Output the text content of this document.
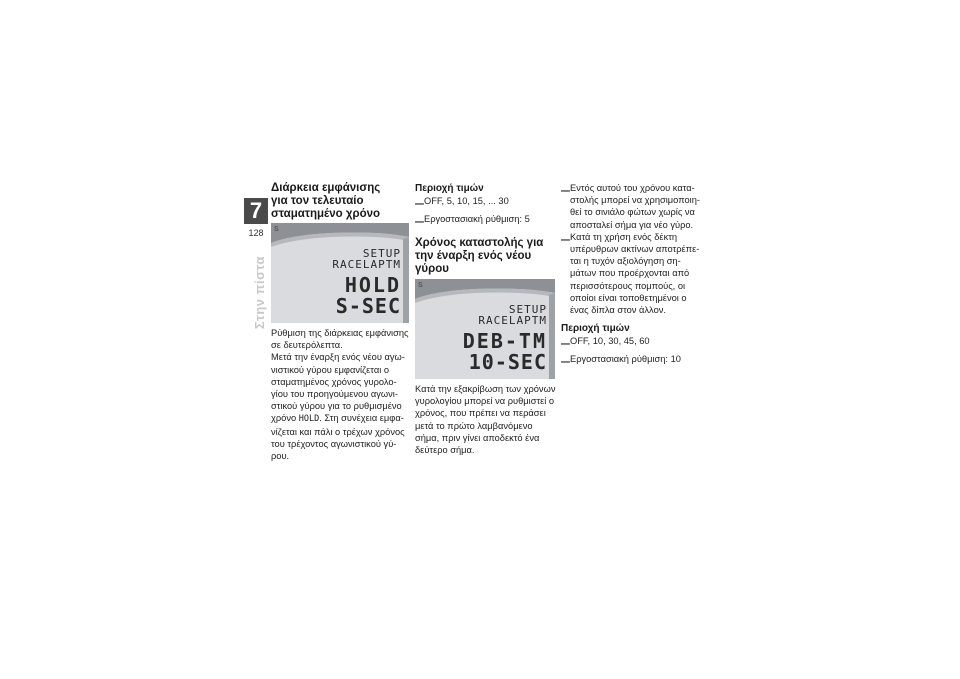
7
128
Στην πίστα
Διάρκεια εμφάνισης
για τον τελευταίο
σταματημένο χρόνο
S
SETUP
RACELAPTM
HOLD
S-SEC

Ρύθμιση της διάρκειας εμφάνισης σε δευτερόλεπτα.

Μετά την έναρξη ενός νέου αγω-νιστικού γύρου εμφανίζεται ο σταματημένος χρόνος γυρολο-γίου του προηγούμενου αγωνι-στικού γύρου για το ρυθμισμένο χρόνο HOLD. Στη συνέχεια εμφα-νίζεται και πάλι ο τρέχων χρόνος του τρέχοντος αγωνιστικού γύ-ρου.

Περιοχή τιμών
– OFF, 5, 10, 15, ... 30

– Εργοστασιακή ρύθμιση: 5

Χρόνος καταστολής για
την έναρξη ενός νέου
γύρου
S
SETUP
RACELAPTM
DEB-TM
10-SEC

Κατά την εξακρίβωση των χρόνων γυρολογίου μπορεί να ρυθμιστεί ο χρόνος, που πρέπει να περάσει μετά το πρώτο λαμβανόμενο σήμα, πριν γίνει αποδεκτό ένα δεύτερο σήμα.

– Εντός αυτού του χρόνου κατα-στολής μπορεί να χρησιμοποιη-θεί το σινιάλο φώτων χωρίς να αποσταλεί σήμα για νέο γύρο.

– Κατά τη χρήση ενός δέκτη υπέρυθρων ακτίνων αποτρέπε-ται η τυχόν αξιολόγηση ση-μάτων που προέρχονται από περισσότερους πομπούς, οι οποίοι είναι τοποθετημένοι ο ένας δίπλα στον άλλον.

Περιοχή τιμών
– OFF, 10, 30, 45, 60

– Εργοστασιακή ρύθμιση: 10
